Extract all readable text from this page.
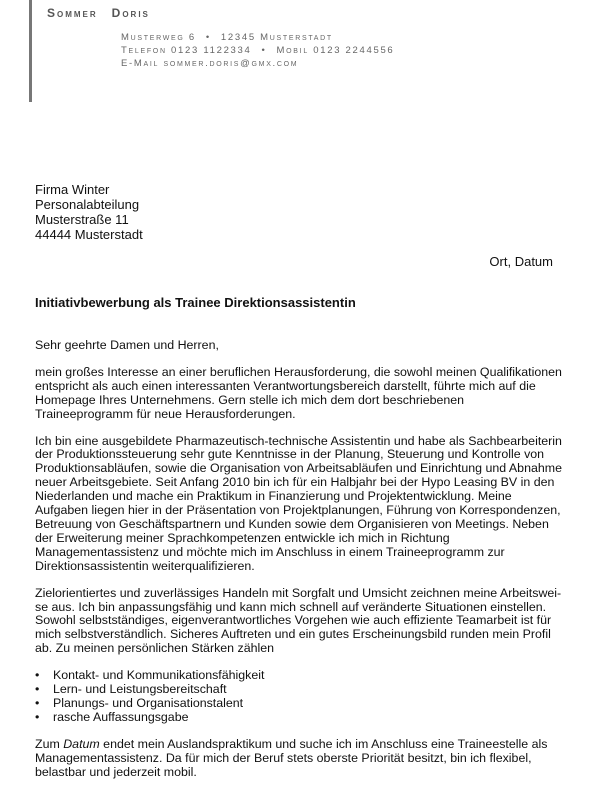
Sommer Doris
Musterweg 6 • 12345 Musterstadt
Telefon 0123 1122334 • Mobil 0123 2244556
E-Mail sommer.doris@gmx.com
Firma Winter
Personalabteilung
Musterstraße 11
44444 Musterstadt
Ort, Datum
Initiativbewerbung als Trainee Direktionsassistentin

Sehr geehrte Damen und Herren,

mein großes Interesse an einer beruflichen Herausforderung, die sowohl meinen Qualifikationen entspricht als auch einen interessanten Verantwortungsbereich darstellt, führte mich auf die Homepage Ihres Unternehmens. Gern stelle ich mich dem dort beschriebenen Traineeprogramm für neue Herausforderungen.

Ich bin eine ausgebildete Pharmazeutisch-technische Assistentin und habe als Sachbearbeiterin der Produktionssteuerung sehr gute Kenntnisse in der Planung, Steuerung und Kontrolle von Produktionsabläufen, sowie die Organisation von Arbeitsabläufen und Einrichtung und Abnahme neuer Arbeitsgebiete. Seit Anfang 2010 bin ich für ein Halbjahr bei der Hypo Leasing BV in den Niederlanden und mache ein Praktikum in Finanzierung und Projektentwicklung. Meine Aufgaben liegen hier in der Präsentation von Projektplanungen, Führung von Korrespondenzen, Betreuung von Geschäftspartnern und Kunden sowie dem Organisieren von Meetings. Neben der Erweiterung meiner Sprachkompetenzen entwickle ich mich in Richtung Managementassistenz und möchte mich im Anschluss in einem Traineeprogramm zur Direktionsassistentin weiterqualifizieren.

Zielorientiertes und zuverlässiges Handeln mit Sorgfalt und Umsicht zeichnen meine Arbeitswei-se aus. Ich bin anpassungsfähig und kann mich schnell auf veränderte Situationen einstellen. Sowohl selbstständiges, eigenverantwortliches Vorgehen wie auch effiziente Teamarbeit ist für mich selbstverständlich. Sicheres Auftreten und ein gutes Erscheinungsbild runden mein Profil ab. Zu meinen persönlichen Stärken zählen

• Kontakt- und Kommunikationsfähigkeit
• Lern- und Leistungsbereitschaft
• Planungs- und Organisationstalent
• rasche Auffassungsgabe

Zum Datum endet mein Auslandspraktikum und suche ich im Anschluss eine Traineestelle als Managementassistenz. Da für mich der Beruf stets oberste Priorität besitzt, bin ich flexibel, belastbar und jederzeit mobil.
